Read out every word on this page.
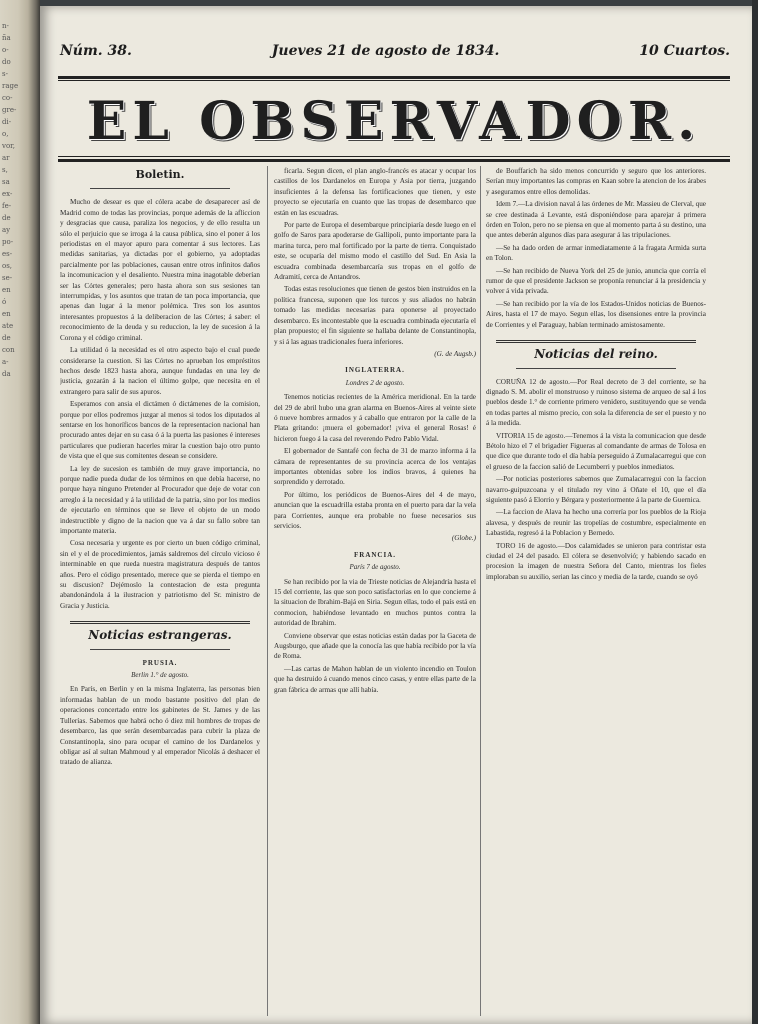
n-
ña
o-
do
s-
rage
co-
gre-
di-
o,
vor,
ar
s,
sa
ex-
fe-
de
ay
po-
es-
os,
se-
en
ó
en
ate
de
con
a-
da
Núm. 38.	Jueves 21 de agosto de 1834.	10 Cuartos.
EL OBSERVADOR.
Boletin.

Mucho de desear es que el cólera acabe de desaparecer así de Madrid como de todas las provincias, porque además de la afliccion y desgracias que causa, paraliza los negocios, y de ello resulta un sólo el perjuicio que se irroga á la causa pública, sino el poner á los periodistas en el mayor apuro para comentar á sus lectores. Las medidas sanitarias, ya dictadas por el gobierno, ya adoptadas parcialmente por las poblaciones, causan entre otros infinitos daños la incomunicacion y el desaliento. Nuestra mina inagotable deberían ser las Córtes generales; pero hasta ahora son sus sesiones tan interrumpidas, y los asuntos que tratan de tan poca importancia, que apenas dan lugar á la menor polémica. Tres son los asuntos interesantes propuestos á la deliberacion de las Córtes; á saber: el reconocimiento de la deuda y su reduccion, la ley de sucesion á la Corona y el código criminal.

La utilidad ó la necesidad es el otro aspecto bajo el cual puede considerarse la cuestion. Si las Córtes no aprueban los empréstitos hechos desde 1823 hasta ahora, aunque fundadas en una ley de justicia, gozarán á la nacion el último golpe, que necesita en el extrangero para salir de sus apuros.

Esperamos con ansia el dictámen ó dictámenes de la comision, porque por ellos podremos juzgar al menos si todos los diputados al sentarse en los honoríficos bancos de la representacion nacional han procurado antes dejar en su casa ó á la puerta las pasiones é intereses particulares que pudieran hacerles mirar la cuestion bajo otro punto de vista que el que sus comitentes desean se considere.

La ley de sucesion es también de muy grave importancia, no porque nadie pueda dudar de los términos en que debía hacerse, no porque haya ninguno Pretender al Procurador que deje de votar con arreglo á la necesidad y á la utilidad de la patria, sino por los medios de ejecutarlo en términos que se lleve el objeto de un modo indestructible y digno de la nacion que va á dar su fallo sobre tan importante materia.

Cosa necesaria y urgente es por cierto un buen código criminal, sin el y el de procedimientos, jamás saldremos del círculo vicioso é interminable en que rueda nuestra magistratura después de tantos años. Pero el código presentado, merece que se pierda el tiempo en su discusion? Dejémoslo la contestacion de esta pregunta abandonándola á la ilustracion y patriotismo del Sr. ministro de Gracia y Justicia.

Noticias estrangeras.
PRUSIA.
Berlin 1.° de agosto.

En París, en Berlin y en la misma Inglaterra, las personas bien informadas hablan de un modo bastante positivo del plan de operaciones concertado entre los gabinetes de St. James y de las Tullerías. Sabemos que habrá ocho ó diez mil hombres de tropas de desembarco, las que serán desembarcadas para cubrir la plaza de Constantinopla, sino para ocupar el camino de los Dardanelos y obligar así al sultan Mahmoud y al emperador Nicolás á deshacer el tratado de alianza.

ficarla. Segun dicen, el plan anglo-francés es atacar y ocupar los castillos de los Dardanelos en Europa y Asia por tierra, juzgando insuficientes á la defensa las fortificaciones que tienen, y este proyecto se ejecutaría en cuanto que las tropas de desembarco que están en las escuadras.

Por parte de Europa el desembarque principiaría desde luego en el golfo de Saros para apoderarse de Gallipoli, punto importante para la marina turca, pero mal fortificado por la parte de tierra. Conquistado este, se ocuparía del mismo modo el castillo del Sud. En Asia la escuadra combinada desembarcaría sus tropas en el golfo de Adramití, cerca de Antandros.

Todas estas resoluciones que tienen de gestos bien instruidos en la política francesa, suponen que los turcos y sus aliados no habrán tomado las medidas necesarias para oponerse al proyectado desembarco. Es incontestable que la escuadra combinada ejecutaría el plan propuesto; el fin siguiente se hallaba delante de Constantinopla, y si á las aguas tradicionales fuera inferiores.

(G. de Augsb.)

INGLATERRA.
Londres 2 de agosto.

Tenemos noticias recientes de la América meridional. En la tarde del 29 de abril hubo una gran alarma en Buenos-Aires al veinte siete ó nueve hombres armados y á caballo que entraron por la calle de la Plata gritando: ¡muera el gobernador! ¡viva el general Rosas! é hicieron fuego á la casa del reverendo Pedro Pablo Vidal.

El gobernador de Santafé con fecha de 31 de marzo informa á la cámara de representantes de su provincia acerca de los ventajas importantes obtenidas sobre los indios bravos, á quienes ha sorprendido y derrotado.

Por último, los periódicos de Buenos-Aires del 4 de mayo, anuncian que la escuadrilla estaba pronta en el puerto para dar la vela para Corrientes, aunque era probable no fuese necesarios sus servicios.

(Globe.)

FRANCIA.
París 7 de agosto.

Se han recibido por la via de Trieste noticias de Alejandría hasta el 15 del corriente, las que son poco satisfactorias en lo que concierne á la situacion de Ibrahim-Bajá en Siria. Segun ellas, todo el país está en conmocion, habiéndose levantado en muchos puntos contra la autoridad de Ibrahim.

Conviene observar que estas noticias están dadas por la Gaceta de Augsburgo, que añade que la conocía las que había recibido por la vía de Roma.

—Las cartas de Mahon hablan de un violento incendio en Toulon que ha destruido á cuando menos cinco casas, y entre ellas parte de la gran fábrica de armas que allí había.

de Bouffarich ha sido menos concurrido y seguro que los anteriores. Serían muy importantes las compras en Kaan sobre la atencion de los árabes y aseguramos entre ellos demolidas.

Idem 7.—La division naval á las órdenes de Mr. Massieu de Clerval, que se cree destinada á Levante, está disponiéndose para aparejar á primera órden en Tolon, pero no se piensa en que al momento parta á su destino, una que antes deberán algunos días para asegurar á las tripulaciones.

—Se ha dado orden de armar inmediatamente á la fragata Armida surta en Tolon.

—Se han recibido de Nueva York del 25 de junio, anuncia que corría el rumor de que el presidente Jackson se proponía renunciar á la presidencia y volver á vida privada.

—Se han recibido por la vía de los Estados-Unidos noticias de Buenos-Aires, hasta el 17 de mayo. Segun ellas, los disensiones entre la provincia de Corrientes y el Paraguay, habían terminado amistosamente.

Noticias del reino.

CORUÑA 12 de agosto.—Por Real decreto de 3 del corriente, se ha dignado S. M. abolir el monstruoso y ruinoso sistema de arqueo de sal á los pueblos desde 1.° de corriente primero venidero, sustituyendo que se venda en todas partes al mismo precio, con sola la diferencia de ser el puesto y no á la medida.

VITORIA 15 de agosto.—Tenemos á la vista la comunicacion que desde Bétolo hizo el 7 el brigadier Figueras al comandante de armas de Tolosa en que dice que durante todo el día había perseguido á Zumalacarregui que con el grueso de la faccion salió de Lecumberri y pueblos inmediatos.

—Por noticias posteriores sabemos que Zumalacarregui con la faccion navarro-guipuzcoana y el titulado rey vino á Oñate el 10, que el día siguiente pasó á Elorrio y Bérgara y posteriormente á la parte de Guernica.

—La faccion de Alava ha hecho una correría por los pueblos de la Rioja alavesa, y después de reunir las tropelías de costumbre, especialmente en Labastida, regresó á la Poblacion y Bernedo.

TORO 16 de agosto.—Dos calamidades se unieron para contristar esta ciudad el 24 del pasado. El cólera se desenvolvió; y habiendo sacado en procesion la imagen de nuestra Señora del Canto, mientras los fieles imploraban su auxilio, serian las cinco y media de la tarde, cuando se oyó
